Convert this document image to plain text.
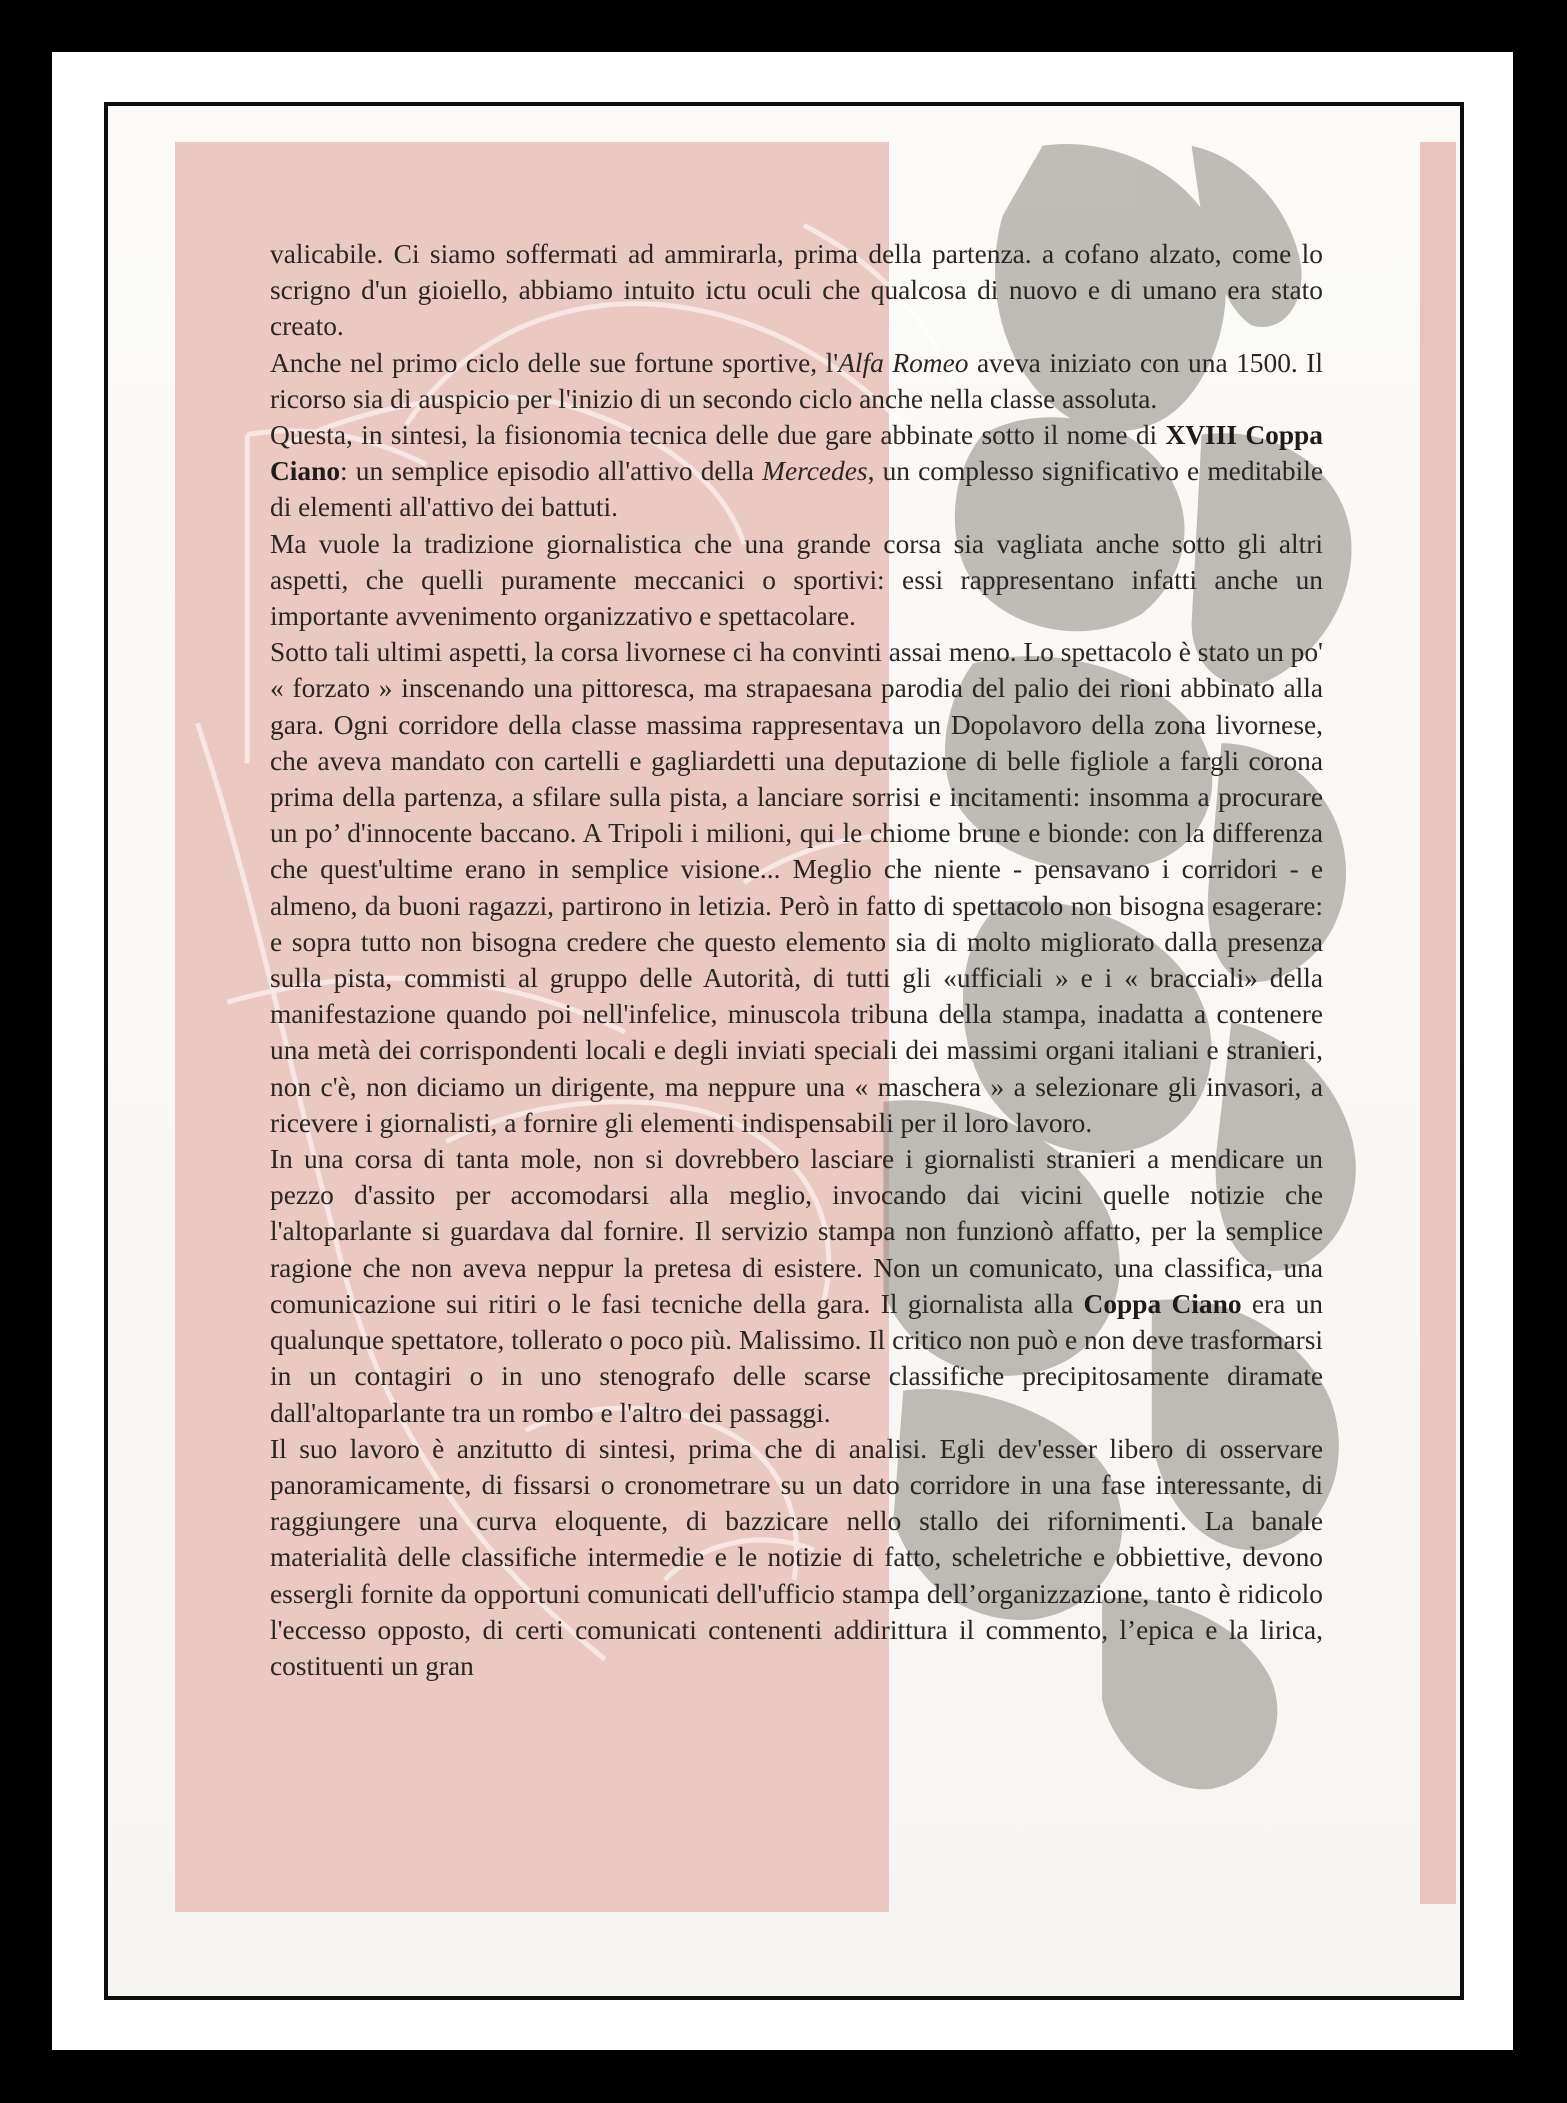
valicabile. Ci siamo soffermati ad ammirarla, prima della partenza. a cofano alzato, come lo scrigno d'un gioiello, abbiamo intuito ictu oculi che qualcosa di nuovo e di umano era stato creato.

Anche nel primo ciclo delle sue fortune sportive, l'Alfa Romeo aveva iniziato con una 1500. Il ricorso sia di auspicio per l'inizio di un secondo ciclo anche nella classe assoluta.

Questa, in sintesi, la fisionomia tecnica delle due gare abbinate sotto il nome di XVIII Coppa Ciano: un semplice episodio all'attivo della Mercedes, un complesso significativo e meditabile di elementi all'attivo dei battuti.

Ma vuole la tradizione giornalistica che una grande corsa sia vagliata anche sotto gli altri aspetti, che quelli puramente meccanici o sportivi: essi rappresentano infatti anche un importante avvenimento organizzativo e spettacolare.

Sotto tali ultimi aspetti, la corsa livornese ci ha convinti assai meno. Lo spettacolo è stato un po' « forzato » inscenando una pittoresca, ma strapaesana parodia del palio dei rioni abbinato alla gara. Ogni corridore della classe massima rappresentava un Dopolavoro della zona livornese, che aveva mandato con cartelli e gagliardetti una deputazione di belle figliole a fargli corona prima della partenza, a sfilare sulla pista, a lanciare sorrisi e incitamenti: insomma a procurare un po’ d'innocente baccano. A Tripoli i milioni, qui le chiome brune e bionde: con la differenza che quest'ultime erano in semplice visione... Meglio che niente - pensavano i corridori - e almeno, da buoni ragazzi, partirono in letizia. Però in fatto di spettacolo non bisogna esagerare: e sopra tutto non bisogna credere che questo elemento sia di molto migliorato dalla presenza sulla pista, commisti al gruppo delle Autorità, di tutti gli «ufficiali » e i « bracciali» della manifestazione quando poi nell'infelice, minuscola tribuna della stampa, inadatta a contenere una metà dei corrispondenti locali e degli inviati speciali dei massimi organi italiani e stranieri, non c'è, non diciamo un dirigente, ma neppure una « maschera » a selezionare gli invasori, a ricevere i giornalisti, a fornire gli elementi indispensabili per il loro lavoro.

In una corsa di tanta mole, non si dovrebbero lasciare i giornalisti stranieri a mendicare un pezzo d'assito per accomodarsi alla meglio, invocando dai vicini quelle notizie che l'altoparlante si guardava dal fornire. Il servizio stampa non funzionò affatto, per la semplice ragione che non aveva neppur la pretesa di esistere. Non un comunicato, una classifica, una comunicazione sui ritiri o le fasi tecniche della gara. Il giornalista alla Coppa Ciano era un qualunque spettatore, tollerato o poco più. Malissimo. Il critico non può e non deve trasformarsi in un contagiri o in uno stenografo delle scarse classifiche precipitosamente diramate dall'altoparlante tra un rombo e l'altro dei passaggi.

Il suo lavoro è anzitutto di sintesi, prima che di analisi. Egli dev'esser libero di osservare panoramicamente, di fissarsi o cronometrare su un dato corridore in una fase interessante, di raggiungere una curva eloquente, di bazzicare nello stallo dei rifornimenti. La banale materialità delle classifiche intermedie e le notizie di fatto, scheletriche e obbiettive, devono essergli fornite da opportuni comunicati dell'ufficio stampa dell’organizzazione, tanto è ridicolo l'eccesso opposto, di certi comunicati contenenti addirittura il commento, l’epica e la lirica, costituenti un gran
